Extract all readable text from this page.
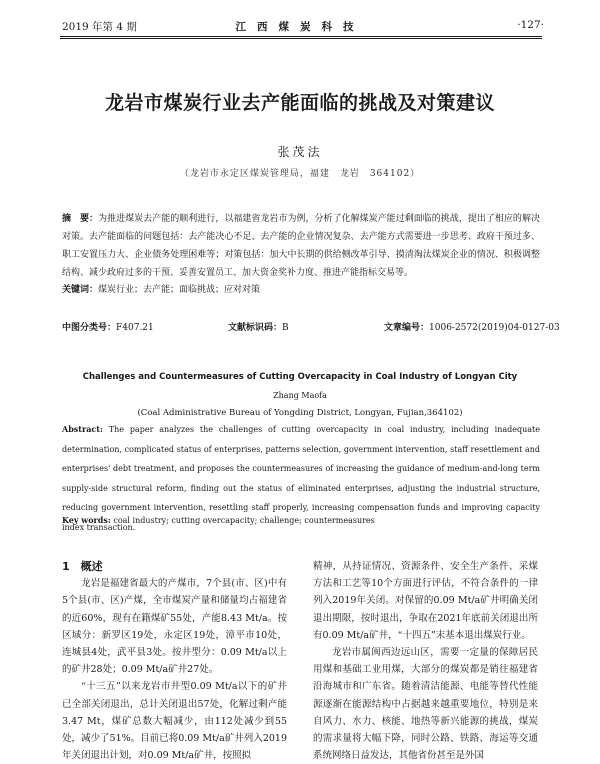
2019 年第 4 期	江西煤炭科技	·127·
龙岩市煤炭行业去产能面临的挑战及对策建议
张茂法
（龙岩市永定区煤炭管理局，福建　龙岩　364102）
摘　要：为推进煤炭去产能的顺利进行，以福建省龙岩市为例，分析了化解煤炭产能过剩面临的挑战，提出了相应的解决对策。去产能面临的问题包括：去产能决心不足、去产能的企业情况复杂、去产能方式需要进一步思考、政府干预过多、职工安置压力大、企业债务处理困难等；对策包括：加大中长期的供给侧改革引导、摸清淘汰煤炭企业的情况、积极调整结构、减少政府过多的干预、妥善安置员工、加大资金奖补力度、推进产能指标交易等。
关键词：煤炭行业；去产能；面临挑战；应对对策
中图分类号：F407.21	文献标识码：B	文章编号：1006-2572(2019)04-0127-03
Challenges and Countermeasures of Cutting Overcapacity in Coal Industry of Longyan City
Zhang Maofa
(Coal Administrative Bureau of Yongding District, Longyan, Fujian,364102)
Abstract: The paper analyzes the challenges of cutting overcapacity in coal industry, including inadequate determination, complicated status of enterprises, patterns selection, government intervention, staff resettlement and enterprises' debt treatment, and proposes the countermeasures of increasing the guidance of medium-and-long term supply-side structural reform, finding out the status of eliminated enterprises, adjusting the industrial structure, reducing government intervention, resettling staff properly, increasing compensation funds and improving capacity index transaction.
Key words: coal industry; cutting overcapacity; challenge; countermeasures

1　概述

龙岩是福建省最大的产煤市，7个县(市、区)中有5个县(市、区)产煤，全市煤炭产量和储量均占福建省的近60%，现有在籍煤矿55处，产能8.43 Mt/a。按区域分：新罗区19处，永定区19处，漳平市10处，连城县4处，武平县3处。按井型分：0.09 Mt/a以上的矿井28处；0.09 Mt/a矿井27处。

“十三五”以来龙岩市井型0.09 Mt/a以下的矿井已全部关闭退出，总计关闭退出57处，化解过剩产能3.47 Mt，煤矿总数大幅减少，由112处减少到55处，减少了51%。目前已将0.09 Mt/a矿井列入2019年关闭退出计划，对0.09 Mt/a矿井，按照拟

精神，从持证情况、资源条件、安全生产条件、采煤方法和工艺等10个方面进行评估，不符合条件的一律列入2019年关闭。对保留的0.09 Mt/a矿井明确关闭退出期限，按时退出，争取在2021年底前关闭退出所有0.09 Mt/a矿井，“十四五”末基本退出煤炭行业。

龙岩市属闽西边远山区，需要一定量的保障居民用煤和基础工业用煤，大部分的煤炭都是销往福建省沿海城市和广东省。随着清洁能源、电能等替代性能源逐渐在能源结构中占据越来越重要地位，特别是来自风力、水力、核能、地热等新兴能源的挑战，煤炭的需求量将大幅下降，同时公路、铁路、海运等交通系统网络日益发达，其他省份甚至是外国
